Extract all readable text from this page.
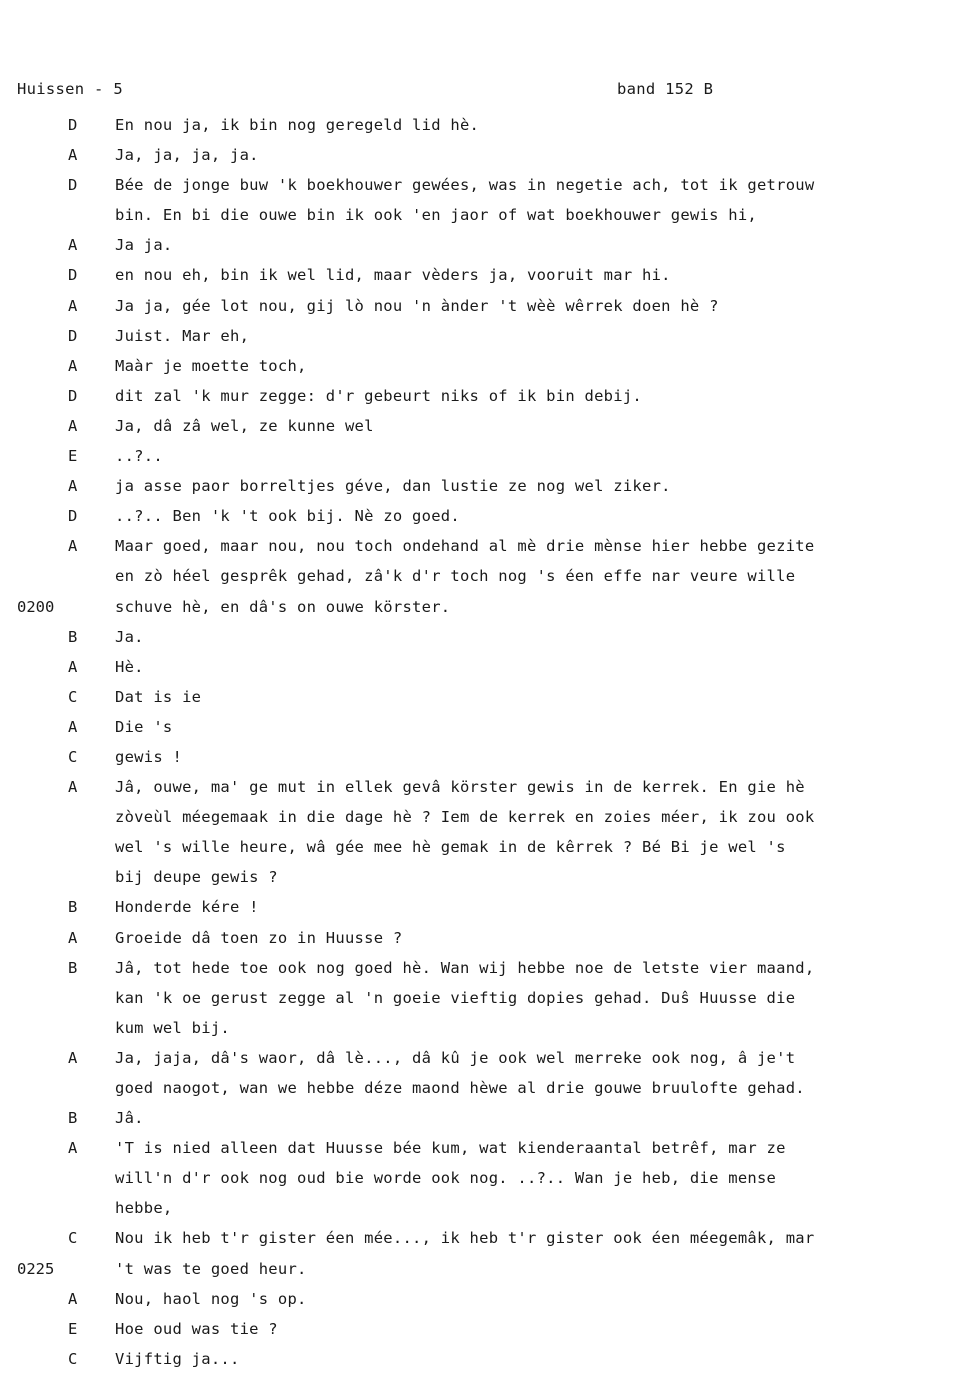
Huissen - 5	band 152 B
D	En nou ja, ik bin nog geregeld lid hè.
A	Ja, ja, ja, ja.
D	Bée de jonge buw 'k boekhouwer gewées, was in negetie ach, tot ik getrouw
bin. En bi die ouwe bin ik ook 'en jaor of wat boekhouwer gewis hi,
A	Ja ja.
D	en nou eh, bin ik wel lid, maar vèders ja, vooruit mar hi.
A	Ja ja, gée lot nou, gij lò nou 'n ànder 't wèè wêrrek doen hè ?
D	Juist. Mar eh,
A	Maàr je moette toch,
D	dit zal 'k mur zegge: d'r gebeurt niks of ik bin debij.
A	Ja, dâ zâ wel, ze kunne wel
E	..?..
A	ja asse paor borreltjes géve, dan lustie ze nog wel ziker.
D	..?.. Ben 'k 't ook bij. Nè zo goed.
A	Maar goed, maar nou, nou toch ondehand al mè drie mènse hier hebbe gezite
en zò héel gesprêk gehad, zâ'k d'r toch nog 's éen effe nar veure wille
schuve hè, en dâ's on ouwe körster.
0200
B	Ja.
A	Hè.
C	Dat is ie
A	Die 's
C	gewis !
A	Jâ, ouwe, ma' ge mut in ellek gevâ körster gewis in de kerrek. En gie hè
zòveùl méegemaak in die dage hè ? Iem de kerrek en zoies méer, ik zou ook
wel 's wille heure, wâ gée mee hè gemak in de kêrrek ? Bé Bi je wel 's
bij deupe gewis ?
B	Honderde kére !
A	Groeide dâ toen zo in Huusse ?
B	Jâ, tot hede toe ook nog goed hè. Wan wij hebbe noe de letste vier maand,
kan 'k oe gerust zegge al 'n goeie vieftig dopies gehad. Duŝ Huusse die
kum wel bij.
A	Ja, jaja, dâ's waor, dâ lè..., dâ kû je ook wel merreke ook nog, â je't
goed naogot, wan we hebbe déze maond hèwe al drie gouwe bruulofte gehad.
B	Jâ.
A	'T is nied alleen dat Huusse bée kum, wat kienderaantal betrêf, mar ze
will'n d'r ook nog oud bie worde ook nog. ..?.. Wan je heb, die mense
hebbe,
C	Nou ik heb t'r gister éen mée..., ik heb t'r gister ook éen méegemâk, mar
't was te goed heur.
0225
A	Nou, haol nog 's op.
E	Hoe oud was tie ?
C	Vijftig ja...
